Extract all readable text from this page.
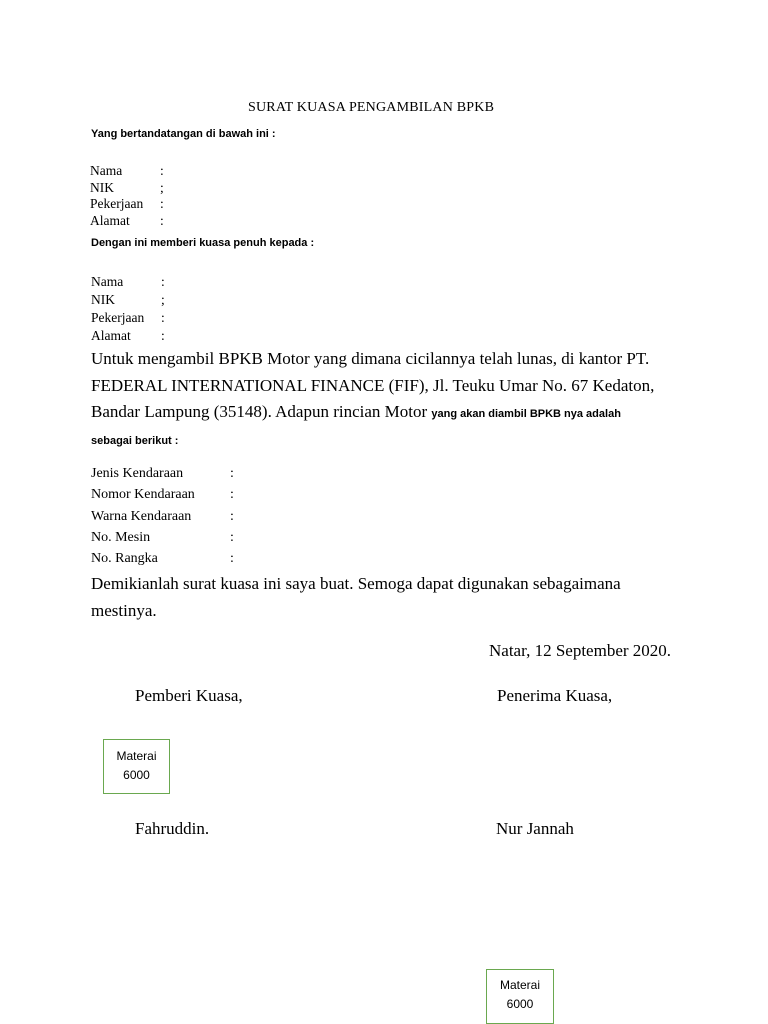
SURAT KUASA PENGAMBILAN BPKB
Yang bertandatangan di bawah ini :
Nama	:
NIK	;
Pekerjaan :
Alamat :
Dengan ini memberi kuasa penuh kepada :
Nama	:
NIK	;
Pekerjaan :
Alamat :
Untuk mengambil BPKB Motor yang dimana cicilannya telah lunas, di kantor PT.
FEDERAL INTERNATIONAL FINANCE (FIF), Jl. Teuku Umar No. 67 Kedaton,
Bandar Lampung (35148). Adapun rincian Motor yang akan diambil BPKB nya adalah
sebagai berikut :
Jenis Kendaraan	:
Nomor Kendaraan	:
Warna Kendaraan	:
No. Mesin	:
No. Rangka	:
Demikianlah surat kuasa ini saya buat. Semoga dapat digunakan sebagaimana
mestinya.
Natar, 12 September 2020.
Pemberi Kuasa,	Penerima Kuasa,
Materai
6000
Fahruddin.	Nur Jannah
Materai
6000
